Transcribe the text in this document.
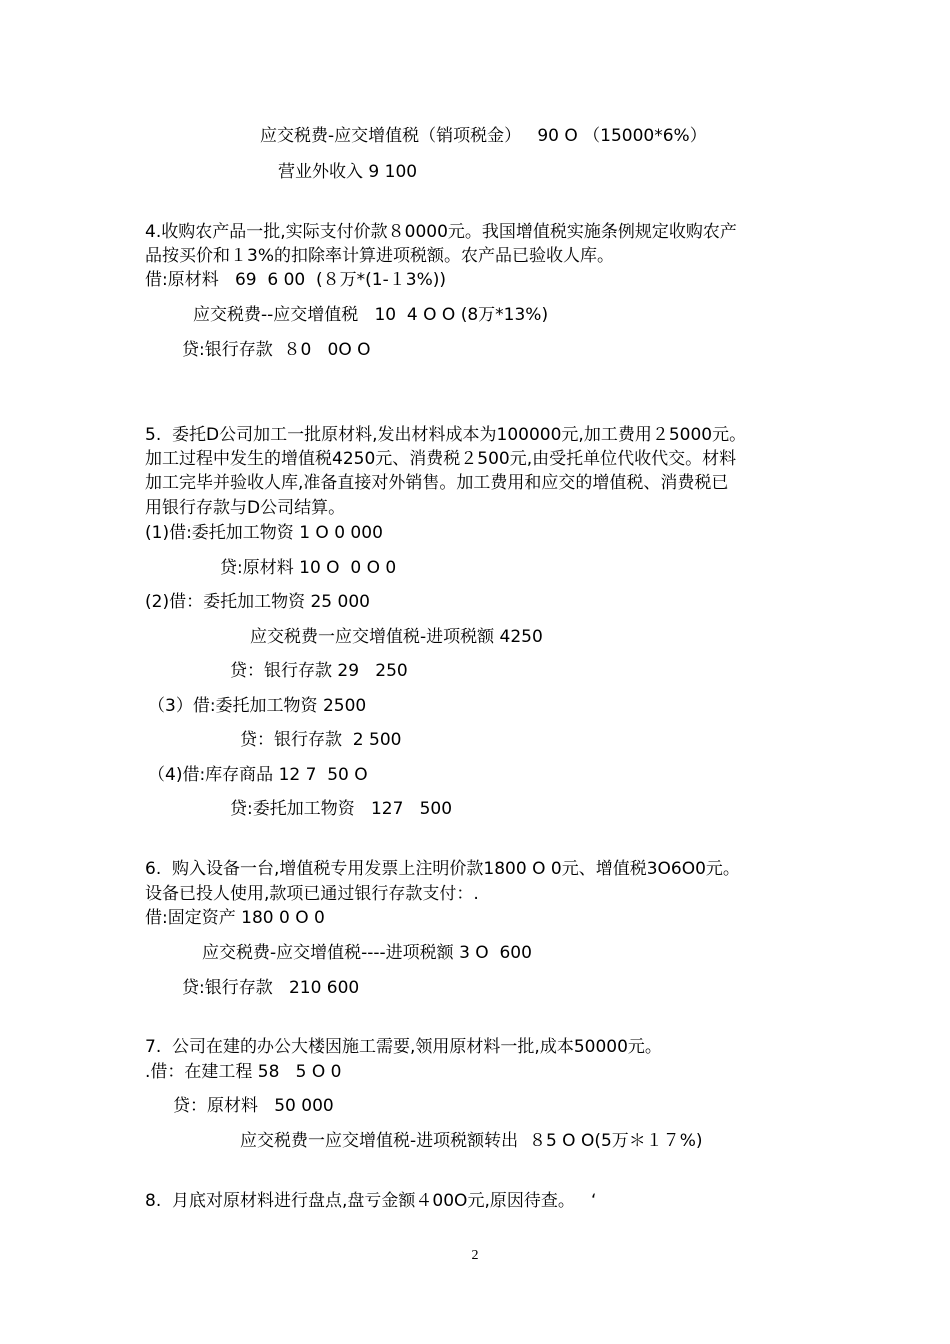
应交税费-应交增值税（销项税金）   90 O （15000*6%）
营业外收入 9 100
4.收购农产品一批,实际支付价款８0000元。我国增值税实施条例规定收购农产
品按买价和１3%的扣除率计算进项税额。农产品已验收人库。
借:原材料   69  6 00  (８万*(1-１3%))
应交税费--应交增值税   10  4 O O (8万*13%)
贷:银行存款  ８0   0O O
5.  委托D公司加工一批原材料,发出材料成本为100000元,加工费用２5000元。
加工过程中发生的增值税4250元、消费税２500元,由受托单位代收代交。材料
加工完毕并验收人库,准备直接对外销售。加工费用和应交的增值税、消费税已
用银行存款与D公司结算。
(1)借:委托加工物资 1 O 0 000
贷:原材料 10 O  0 O 0
(2)借：委托加工物资 25 000
应交税费一应交增值税-进项税额 4250
贷：银行存款 29   250
（3）借:委托加工物资 2500
贷：银行存款  2 500
（4)借:库存商品 12 7  50 O
贷:委托加工物资   127   500
6.  购入设备一台,增值税专用发票上注明价款1800 O 0元、增值税3O6O0元。
设备已投人使用,款项已通过银行存款支付：.
借:固定资产 180 0 O 0
应交税费-应交增值税----进项税额 3 O  600
贷:银行存款   210 600
7.  公司在建的办公大楼因施工需要,领用原材料一批,成本50000元。
.借：在建工程 58   5 O 0
贷：原材料   50 000
应交税费一应交增值税-进项税额转出  ８5 O O(5万＊１７%)
8.  月底对原材料进行盘点,盘亏金额４00O元,原因待查。   ‘
2
